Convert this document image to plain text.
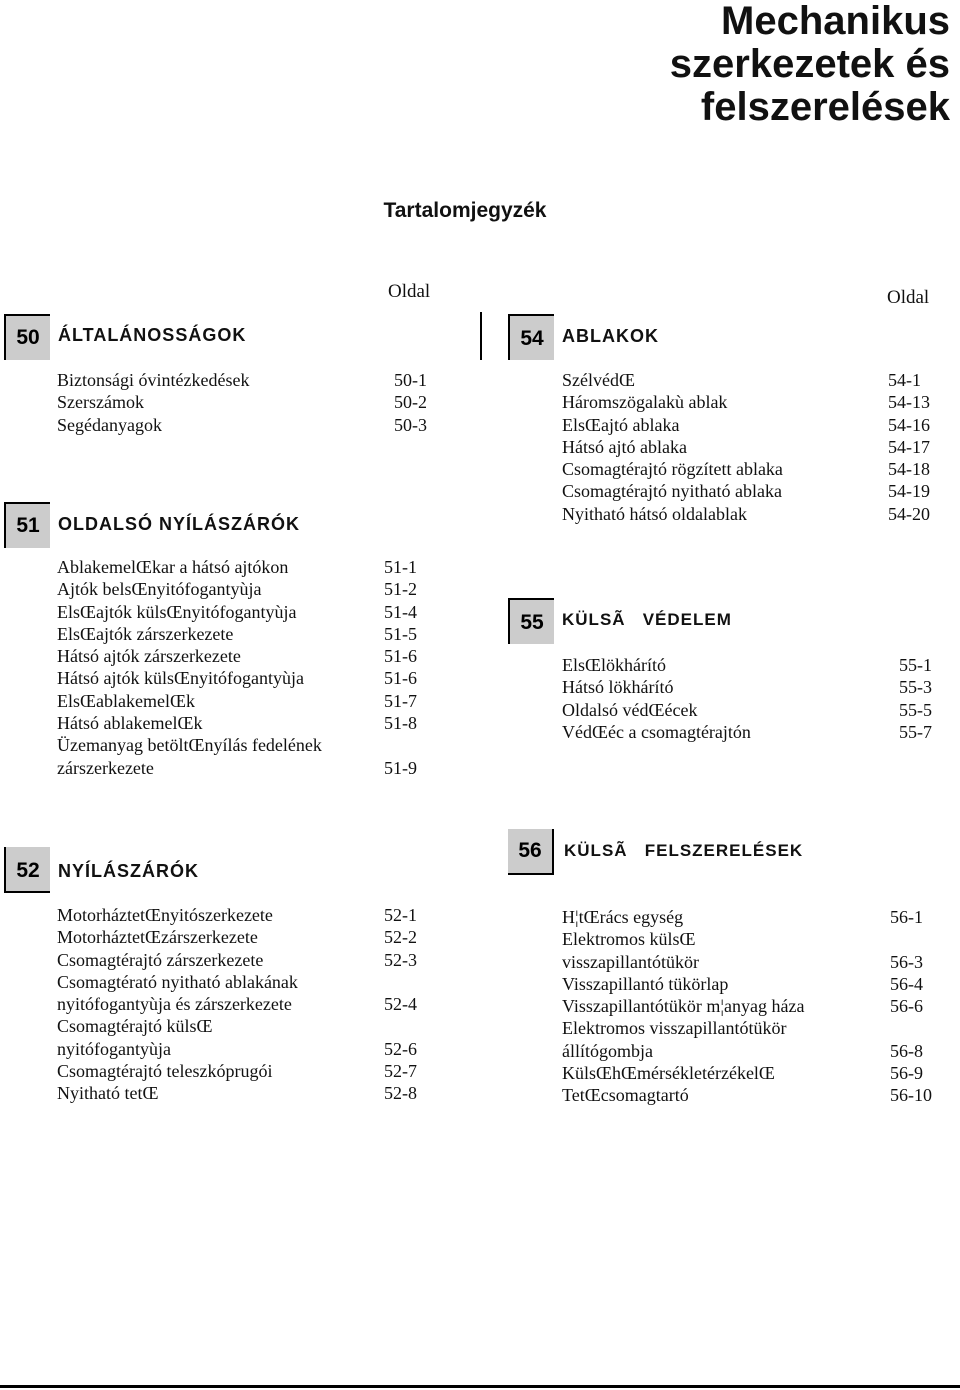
Mechanikus
szerkezetek és
felszerelések
Tartalomjegyzék
Oldal	Oldal
50	ÁLTALÁNOSSÁGOK
Biztonsági óvintézkedések	50-1
Szerszámok	50-2
Segédanyagok	50-3
51	OLDALSÓ NYÍLÁSZÁRÓK
AblakemelŒkar a hátsó ajtókon	51-1
Ajtók belsŒnyitófogantyùja	51-2
ElsŒajtók külsŒnyitófogantyùja	51-4
ElsŒajtók zárszerkezete	51-5
Hátsó ajtók zárszerkezete	51-6
Hátsó ajtók külsŒnyitófogantyùja	51-6
ElsŒablakemelŒk	51-7
Hátsó ablakemelŒk	51-8
Üzemanyag betöltŒnyílás fedelének
zárszerkezete	51-9
52	NYÍLÁSZÁRÓK
MotorháztetŒnyitószerkezete	52-1
MotorháztetŒzárszerkezete	52-2
Csomagtérajtó zárszerkezete	52-3
Csomagtérató nyitható ablakának
nyitófogantyùja és zárszerkezete	52-4
Csomagtérajtó külsŒ
nyitófogantyùja	52-6
Csomagtérajtó teleszkóprugói	52-7
Nyitható tetŒ	52-8
54	ABLAKOK
SzélvédŒ	54-1
Háromszögalakù ablak	54-13
ElsŒajtó ablaka	54-16
Hátsó ajtó ablaka	54-17
Csomagtérajtó rögzített ablaka	54-18
Csomagtérajtó nyitható ablaka	54-19
Nyitható hátsó oldalablak	54-20
55	KÜLSÃ   VÉDELEM
ElsŒlökhárító	55-1
Hátsó lökhárító	55-3
Oldalsó védŒécek	55-5
VédŒéc a csomagtérajtón	55-7
56	KÜLSÃ   FELSZERELÉSEK
H¦tŒrács egység	56-1
Elektromos külsŒ
visszapillantótükör	56-3
Visszapillantó tükörlap	56-4
Visszapillantótükör m¦anyag háza	56-6
Elektromos visszapillantótükör
állítógombja	56-8
KülsŒhŒmérsékletérzékelŒ	56-9
TetŒcsomagtartó	56-10
